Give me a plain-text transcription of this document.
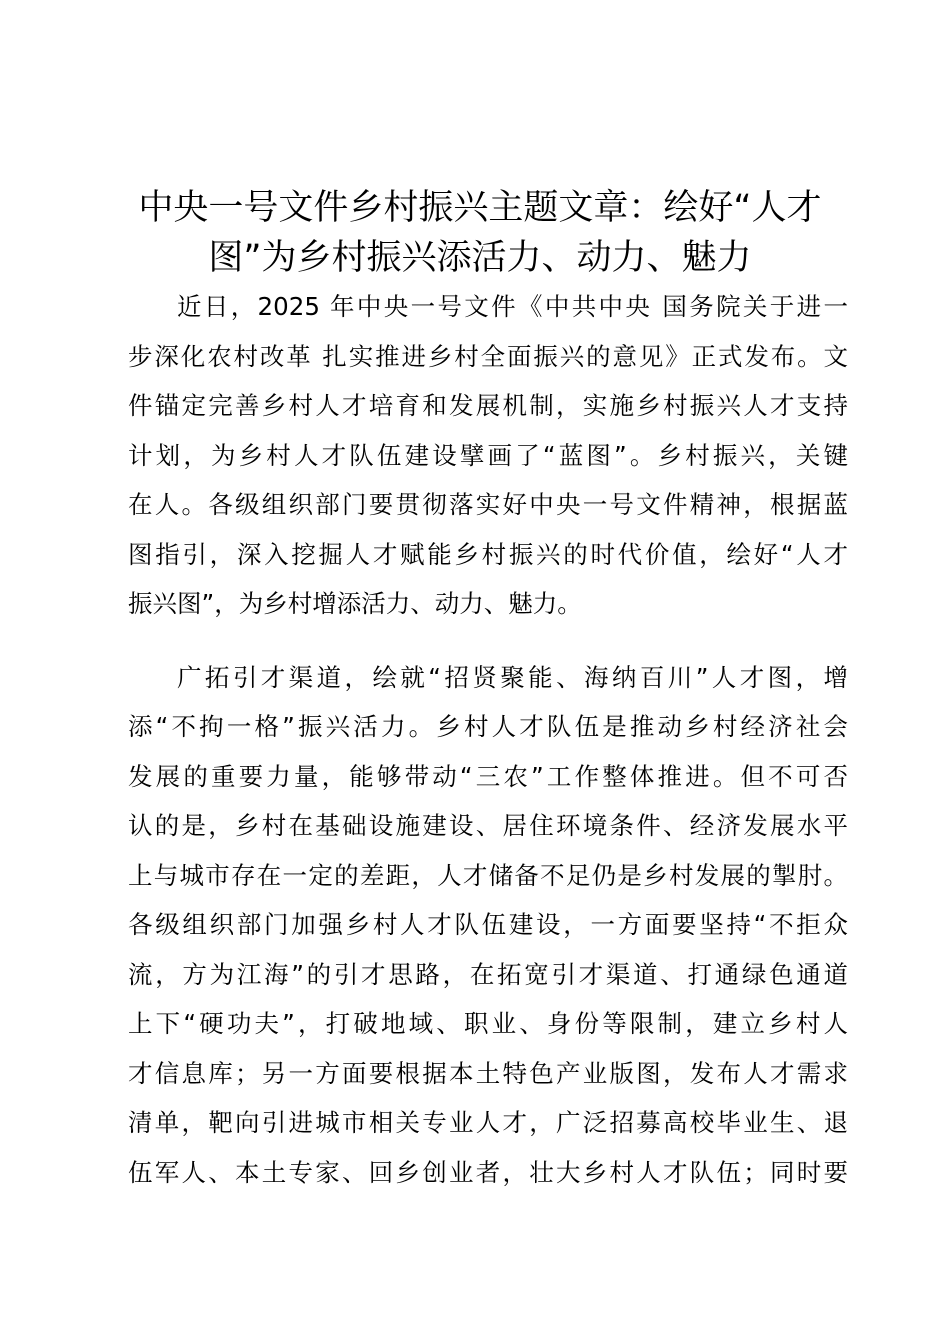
中央一号文件乡村振兴主题文章：绘好“人才
图”为乡村振兴添活力、动力、魅力

近日，2025 年中央一号文件《中共中央 国务院关于进一
步深化农村改革 扎实推进乡村全面振兴的意见》正式发布。文
件锚定完善乡村人才培育和发展机制，实施乡村振兴人才支持
计划，为乡村人才队伍建设擘画了“蓝图”。乡村振兴，关键
在人。各级组织部门要贯彻落实好中央一号文件精神，根据蓝
图指引，深入挖掘人才赋能乡村振兴的时代价值，绘好“人才
振兴图”，为乡村增添活力、动力、魅力。

广拓引才渠道，绘就“招贤聚能、海纳百川”人才图，增
添“不拘一格”振兴活力。乡村人才队伍是推动乡村经济社会
发展的重要力量，能够带动“三农”工作整体推进。但不可否
认的是，乡村在基础设施建设、居住环境条件、经济发展水平
上与城市存在一定的差距，人才储备不足仍是乡村发展的掣肘。
各级组织部门加强乡村人才队伍建设，一方面要坚持“不拒众
流，方为江海”的引才思路，在拓宽引才渠道、打通绿色通道
上下“硬功夫”，打破地域、职业、身份等限制，建立乡村人
才信息库；另一方面要根据本土特色产业版图，发布人才需求
清单，靶向引进城市相关专业人才，广泛招募高校毕业生、退
伍军人、本土专家、回乡创业者，壮大乡村人才队伍；同时要
